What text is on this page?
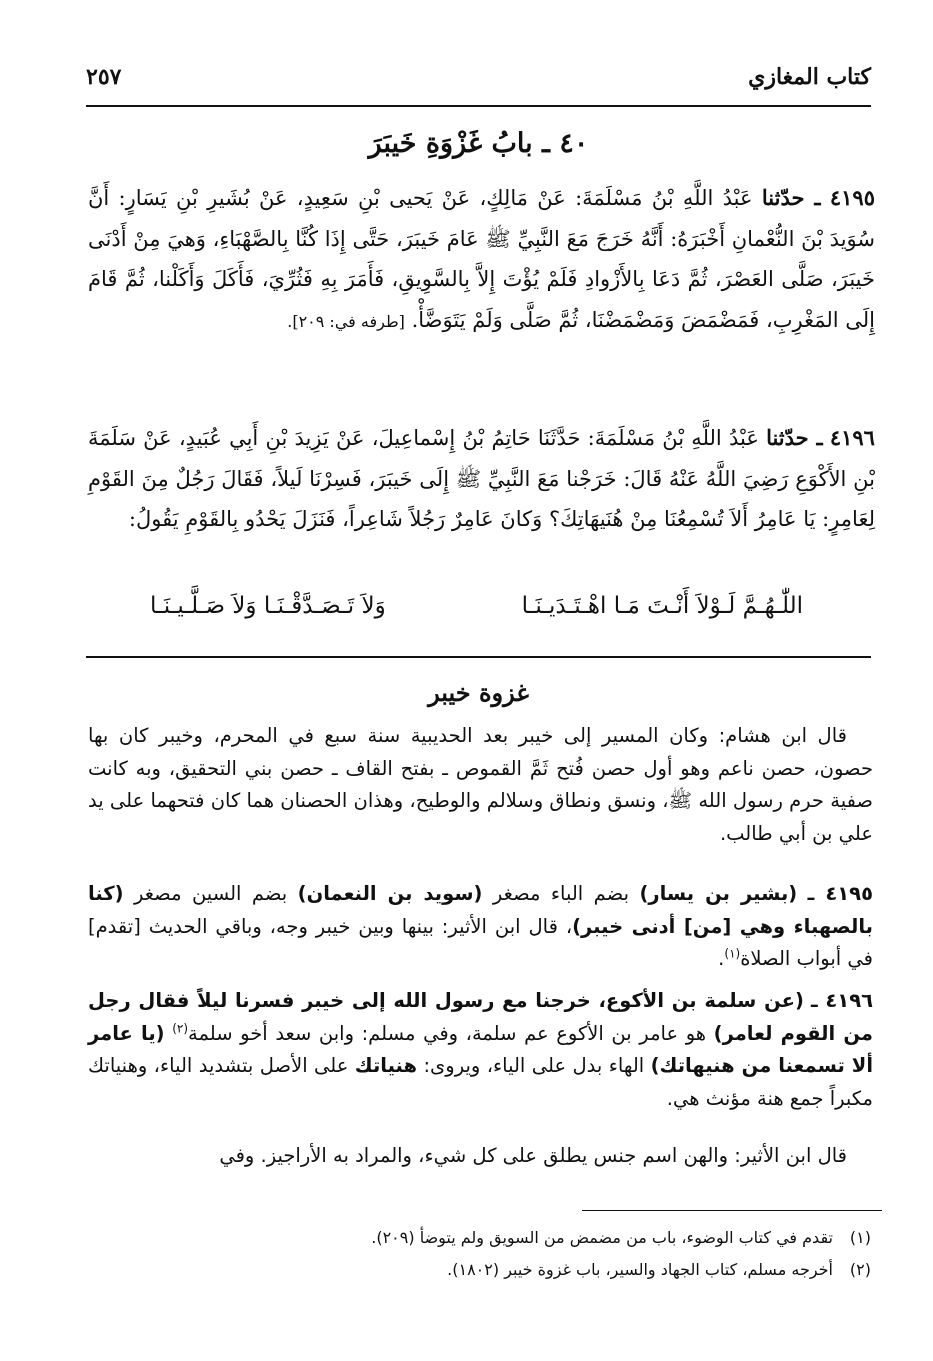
كتاب المغازي
٢٥٧
٤٠ ـ بابُ غَزْوَةِ خَيبَرَ
٤١٩٥ ـ حدّثنا عَبْدُ اللَّهِ بْنُ مَسْلَمَةَ: عَنْ مَالِكٍ، عَنْ يَحيى بْنِ سَعِيدٍ، عَنْ بُشَيرِ بْنِ يَسَارٍ: أَنَّ سُوَيدَ بْنَ النُّعْمانِ أَخْبَرَهُ: أَنَّهُ خَرَجَ مَعَ النَّبِيِّ ﷺ عَامَ خَيبَرَ، حَتَّى إِذَا كُنَّا بِالصَّهْبَاءِ، وَهيَ مِنْ أَدْنَى خَيبَرَ، صَلَّى العَصْرَ، ثُمَّ دَعَا بِالأَزْوادِ فَلَمْ يُؤْتَ إِلاَّ بِالسَّوِيقِ، فَأَمَرَ بِهِ فَثُرِّيَ، فَأَكَلَ وَأَكَلْنا، ثُمَّ قَامَ إِلَى المَغْرِبِ، فَمَضْمَضَ وَمَضْمَضْنَا، ثُمَّ صَلَّى وَلَمْ يَتَوَضَّأْ. [طرفه في: ٢٠٩].
٤١٩٦ ـ حدّثنا عَبْدُ اللَّهِ بْنُ مَسْلَمَةَ: حَدَّثَنَا حَاتِمُ بْنُ إِسْماعِيلَ، عَنْ يَزِيدَ بْنِ أَبِي عُبَيدٍ، عَنْ سَلَمَةَ بْنِ الأَكْوَعِ رَضِيَ اللَّهُ عَنْهُ قَالَ: خَرَجْنا مَعَ النَّبِيِّ ﷺ إِلَى خَيبَرَ، فَسِرْنَا لَيلاً، فَقَالَ رَجُلٌ مِنَ القَوْمِ لِعَامِرٍ: يَا عَامِرُ أَلاَ تُسْمِعُنَا مِنْ هُنَيهَاتِكَ؟ وَكانَ عَامِرٌ رَجُلاً شَاعِراً، فَنَزَلَ يَحْدُو بِالقَوْمِ يَقُولُ:
اللّٰـهُـمَّ لَـوْلاَ أَنْـتَ مَـا اهْـتَـدَيـنَـا
وَلاَ تَـصَـدَّقْـنَـا وَلاَ صَـلَّـيـنَـا
غزوة خيبر
قال ابن هشام: وكان المسير إلى خيبر بعد الحديبية سنة سبع في المحرم، وخيبر كان بها حصون، حصن ناعم وهو أول حصن فُتح ثَمَّ القموص ـ بفتح القاف ـ حصن بني التحقيق، وبه كانت صفية حرم رسول الله ﷺ، ونسق ونطاق وسلالم والوطيح، وهذان الحصنان هما كان فتحهما على يد علي بن أبي طالب.
٤١٩٥ ـ (بشير بن يسار) بضم الباء مصغر (سويد بن النعمان) بضم السين مصغر (كنا بالصهباء وهي [من] أدنى خيبر)، قال ابن الأثير: بينها وبين خيبر وجه، وباقي الحديث [تقدم] في أبواب الصلاة$^{(١)}$.
٤١٩٦ ـ (عن سلمة بن الأكوع، خرجنا مع رسول الله إلى خيبر فسرنا ليلاً فقال رجل من القوم لعامر) هو عامر بن الأكوع عم سلمة، وفي مسلم: وابن سعد أخو سلمة$^{(٢)}$ (يا عامر ألا تسمعنا من هنيهاتك) الهاء بدل على الياء، ويروى: هنياتك على الأصل بتشديد الياء، وهنياتك مكبراً جمع هنة مؤنث هي.
قال ابن الأثير: والهن اسم جنس يطلق على كل شيء، والمراد به الأراجيز. وفي
(١)تقدم في كتاب الوضوء، باب من مضمض من السويق ولم يتوضأ (٢٠٩).
(٢)أخرجه مسلم، كتاب الجهاد والسير، باب غزوة خيبر (١٨٠٢).
